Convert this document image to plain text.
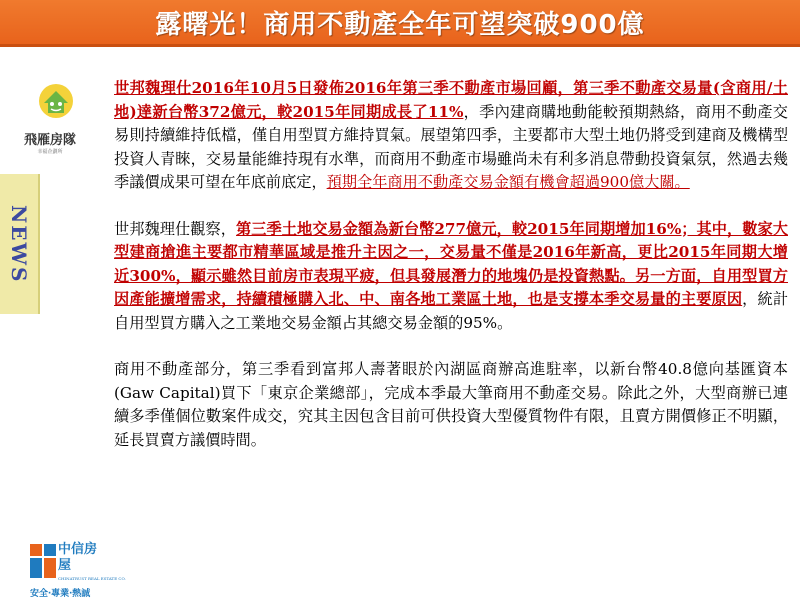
露曙光！商用不動產全年可望突破900億
飛雁房隊
幸福企劃所
NEWS
中信房屋
CHINATRUST REAL ESTATE CO.
安全‧專業‧熱誠

世邦魏理仕2016年10月5日發佈2016年第三季不動產市場回顧，第三季不動產交易量(含商用/土地)達新台幣372億元，較2015年同期成長了11%，季內建商購地動能較預期熱絡，商用不動產交易則持續維持低檔，僅自用型買方維持買氣。展望第四季，主要都市大型土地仍將受到建商及機構型投資人青睞，交易量能維持現有水準，而商用不動產市場雖尚未有利多消息帶動投資氣氛，然過去幾季議價成果可望在年底前底定，預期全年商用不動產交易金額有機會超過900億大關。

世邦魏理仕觀察，第三季土地交易金額為新台幣277億元，較2015年同期增加16%；其中，數家大型建商搶進主要都市精華區域是推升主因之一，交易量不僅是2016年新高，更比2015年同期大增近300%，顯示雖然目前房市表現平疲，但具發展潛力的地塊仍是投資熱點。另一方面，自用型買方因產能擴增需求，持續積極購入北、中、南各地工業區土地，也是支撐本季交易量的主要原因，統計自用型買方購入之工業地交易金額占其總交易金額的95%。

商用不動產部分，第三季看到富邦人壽著眼於內湖區商辦高進駐率，以新台幣40.8億向基匯資本(Gaw Capital)買下「東京企業總部」，完成本季最大筆商用不動產交易。除此之外，大型商辦已連續多季僅個位數案件成交，究其主因包含目前可供投資大型優質物件有限，且賣方開價修正不明顯，延長買賣方議價時間。
